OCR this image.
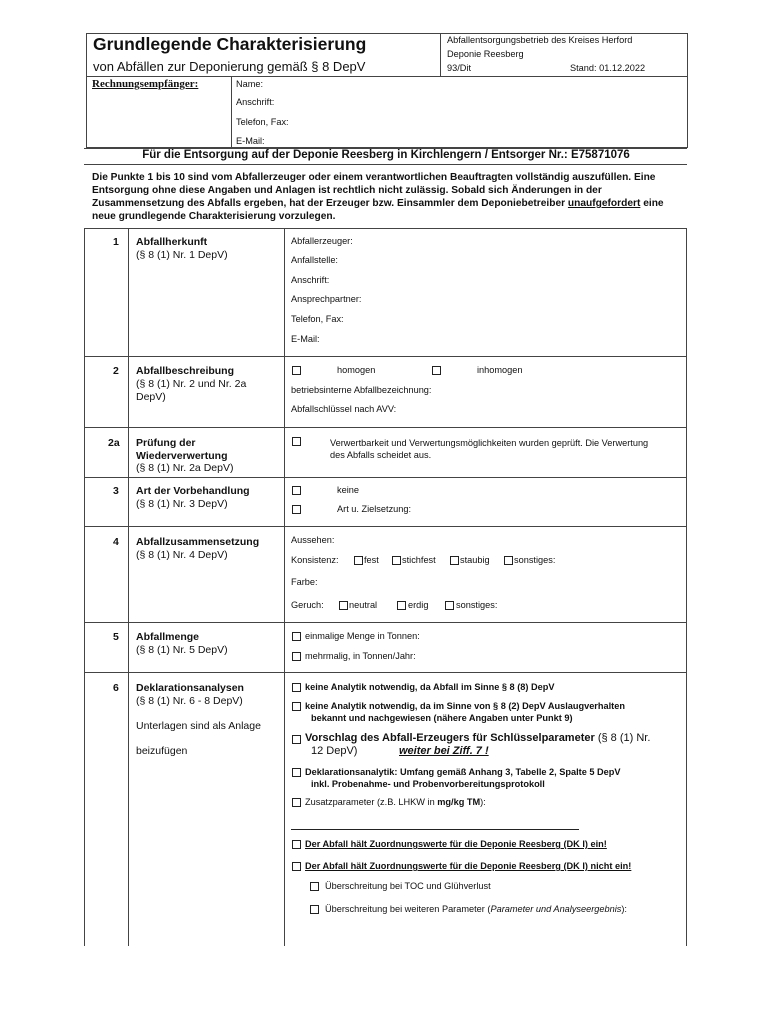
Grundlegende Charakterisierung
von Abfällen zur Deponierung gemäß § 8 DepV
Abfallentsorgungsbetrieb des Kreises Herford
Deponie Reesberg
93/Dit	Stand: 01.12.2022
Rechnungsempfänger:	Name:
Anschrift:
Telefon, Fax:
E-Mail:
Für die Entsorgung auf der Deponie Reesberg in Kirchlengern / Entsorger Nr.: E75871076
Die Punkte 1 bis 10 sind vom Abfallerzeuger oder einem verantwortlichen Beauftragten vollständig auszufüllen. Eine Entsorgung ohne diese Angaben und Anlagen ist rechtlich nicht zulässig. Sobald sich Änderungen in der Zusammensetzung des Abfalls ergeben, hat der Erzeuger bzw. Einsammler dem Deponiebetreiber unaufgefordert eine neue grundlegende Charakterisierung vorzulegen.
1 Abfallherkunft
(§ 8 (1) Nr. 1 DepV)
Abfallerzeuger:
Anfallstelle:
Anschrift:
Ansprechpartner:
Telefon, Fax:
E-Mail:
2 Abfallbeschreibung
(§ 8 (1) Nr. 2 und Nr. 2a DepV)
homogen	inhomogen
betriebsinterne Abfallbezeichnung:
Abfallschlüssel nach AVV:
2a Prüfung der
Wiederverwertung
(§ 8 (1) Nr. 2a DepV)
Verwertbarkeit und Verwertungsmöglichkeiten wurden geprüft. Die Verwertung des Abfalls scheidet aus.
3 Art der Vorbehandlung
(§ 8 (1) Nr. 3 DepV)
keine
Art u. Zielsetzung:
4 Abfallzusammensetzung
(§ 8 (1) Nr. 4 DepV)
Aussehen:
Konsistenz:	fest	stichfest	staubig	sonstiges:
Farbe:
Geruch:	neutral	erdig	sonstiges:
5 Abfallmenge
(§ 8 (1) Nr. 5 DepV)
einmalige Menge in Tonnen:
mehrmalig, in Tonnen/Jahr:
6 Deklarationsanalysen
(§ 8 (1) Nr. 6 - 8 DepV)
Unterlagen sind als Anlage
beizufügen
keine Analytik notwendig, da Abfall im Sinne § 8 (8) DepV
keine Analytik notwendig, da im Sinne von § 8 (2) DepV Auslaugverhalten
bekannt und nachgewiesen (nähere Angaben unter Punkt 9)
Vorschlag des Abfall-Erzeugers für Schlüsselparameter (§ 8 (1) Nr.
12 DepV)	weiter bei Ziff. 7 !
Deklarationsanalytik: Umfang gemäß Anhang 3, Tabelle 2, Spalte 5 DepV
inkl. Probenahme- und Probenvorbereitungsprotokoll
Zusatzparameter (z.B. LHKW in mg/kg TM):
Der Abfall hält Zuordnungswerte für die Deponie Reesberg (DK I) ein!
Der Abfall hält Zuordnungswerte für die Deponie Reesberg (DK I) nicht ein!
Überschreitung bei TOC und Glühverlust
Überschreitung bei weiteren Parameter (Parameter und Analyseergebnis):
